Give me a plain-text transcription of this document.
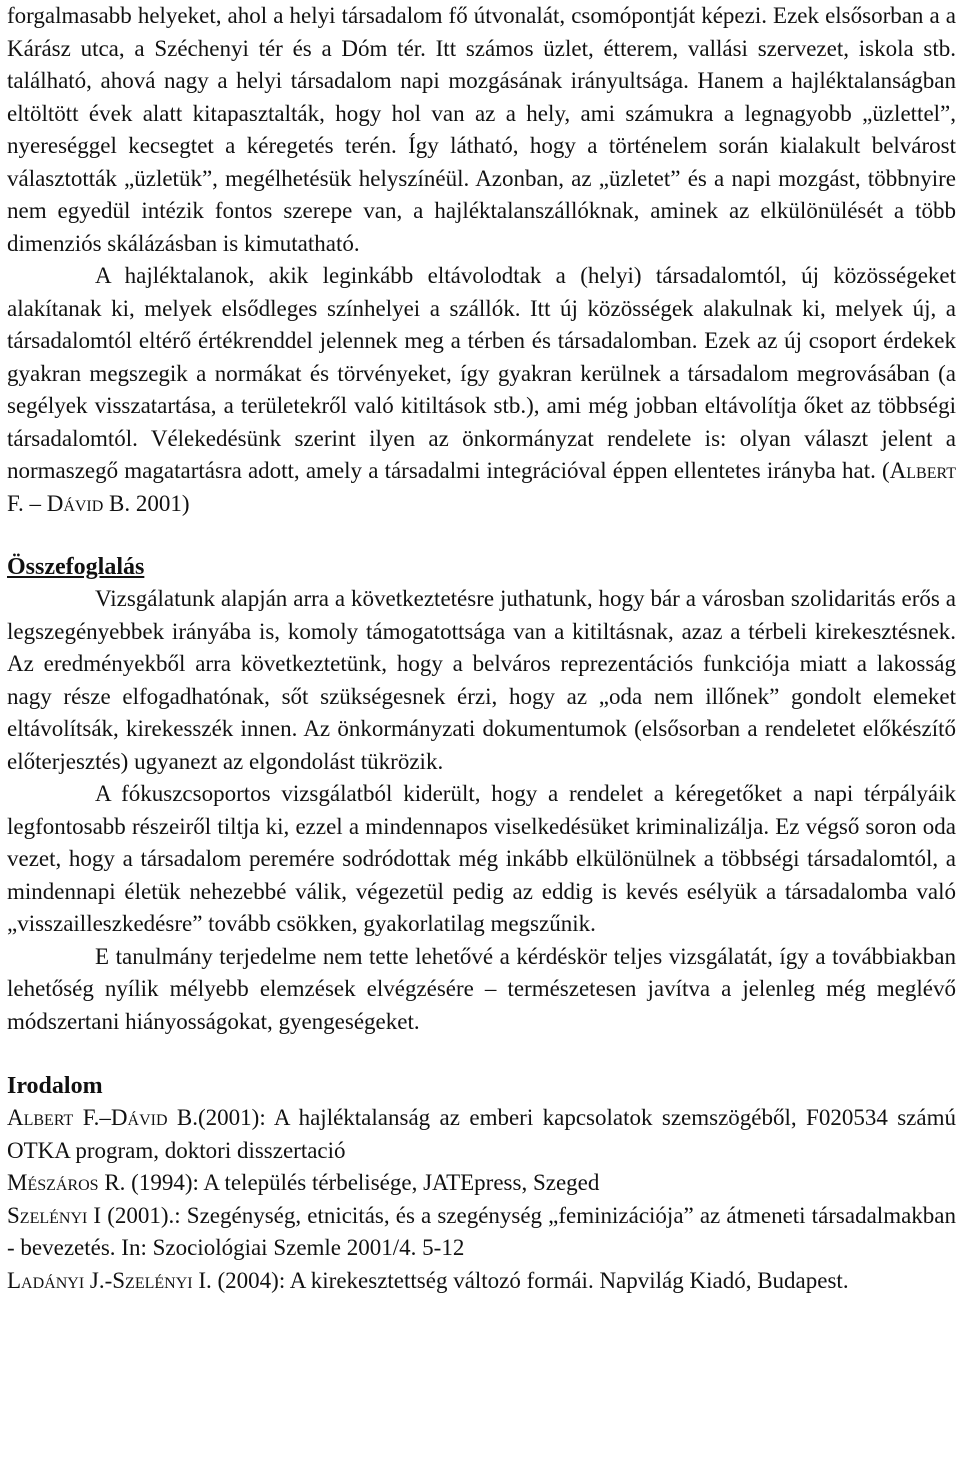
forgalmasabb helyeket, ahol a helyi társadalom fő útvonalát, csomópontját képezi. Ezek elsősorban a a Kárász utca, a Széchenyi tér és a Dóm tér. Itt számos üzlet, étterem, vallási szervezet, iskola stb. található, ahová nagy a helyi társadalom napi mozgásának irányultsága. Hanem a hajléktalanságban eltöltött évek alatt kitapasztalták, hogy hol van az a hely, ami számukra a legnagyobb „üzlettel”, nyereséggel kecsegtet a kéregetés terén. Így látható, hogy a történelem során kialakult belvárost választották „üzletük”, megélhetésük helyszínéül. Azonban, az „üzletet” és a napi mozgást, többnyire nem egyedül intézik fontos szerepe van, a hajléktalanszállóknak, aminek az elkülönülését a több dimenziós skálázásban is kimutatható.

A hajléktalanok, akik leginkább eltávolodtak a (helyi) társadalomtól, új közösségeket alakítanak ki, melyek elsődleges színhelyei a szállók. Itt új közösségek alakulnak ki, melyek új, a társadalomtól eltérő értékrenddel jelennek meg a térben és társadalomban. Ezek az új csoport érdekek gyakran megszegik a normákat és törvényeket, így gyakran kerülnek a társadalom megrovásában (a segélyek visszatartása, a területekről való kitiltások stb.), ami még jobban eltávolítja őket az többségi társadalomtól. Vélekedésünk szerint ilyen az önkormányzat rendelete is: olyan választ jelent a normaszegő magatartásra adott, amely a társadalmi integrációval éppen ellentetes irányba hat. (Albert F. – Dávid B. 2001)

Összefoglalás

Vizsgálatunk alapján arra a következtetésre juthatunk, hogy bár a városban szolidaritás erős a legszegényebbek irányába is, komoly támogatottsága van a kitiltásnak, azaz a térbeli kirekesztésnek. Az eredményekből arra következtetünk, hogy a belváros reprezentációs funkciója miatt a lakosság nagy része elfogadhatónak, sőt szükségesnek érzi, hogy az „oda nem illőnek” gondolt elemeket eltávolítsák, kirekesszék innen. Az önkormányzati dokumentumok (elsősorban a rendeletet előkészítő előterjesztés) ugyanezt az elgondolást tükrözik.

A fókuszcsoportos vizsgálatból kiderült, hogy a rendelet a kéregetőket a napi térpályáik legfontosabb részeiről tiltja ki, ezzel a mindennapos viselkedésüket kriminalizálja. Ez végső soron oda vezet, hogy a társadalom peremére sodródottak még inkább elkülönülnek a többségi társadalomtól, a mindennapi életük nehezebbé válik, végezetül pedig az eddig is kevés esélyük a társadalomba való „visszailleszkedésre” tovább csökken, gyakorlatilag megszűnik.

E tanulmány terjedelme nem tette lehetővé a kérdéskör teljes vizsgálatát, így a továbbiakban lehetőség nyílik mélyebb elemzések elvégzésére – természetesen javítva a jelenleg még meglévő módszertani hiányosságokat, gyengeségeket.

Irodalom

Albert F.–Dávid B.(2001): A hajléktalanság az emberi kapcsolatok szemszögéből, F020534 számú OTKA program, doktori disszertació

Mészáros R. (1994): A település térbelisége, JATEpress, Szeged

Szelényi I (2001).: Szegénység, etnicitás, és a szegénység „feminizációja” az átmeneti társadalmakban - bevezetés. In: Szociológiai Szemle 2001/4. 5-12

Ladányi J.-Szelényi I. (2004): A kirekesztettség változó formái. Napvilág Kiadó, Budapest.
